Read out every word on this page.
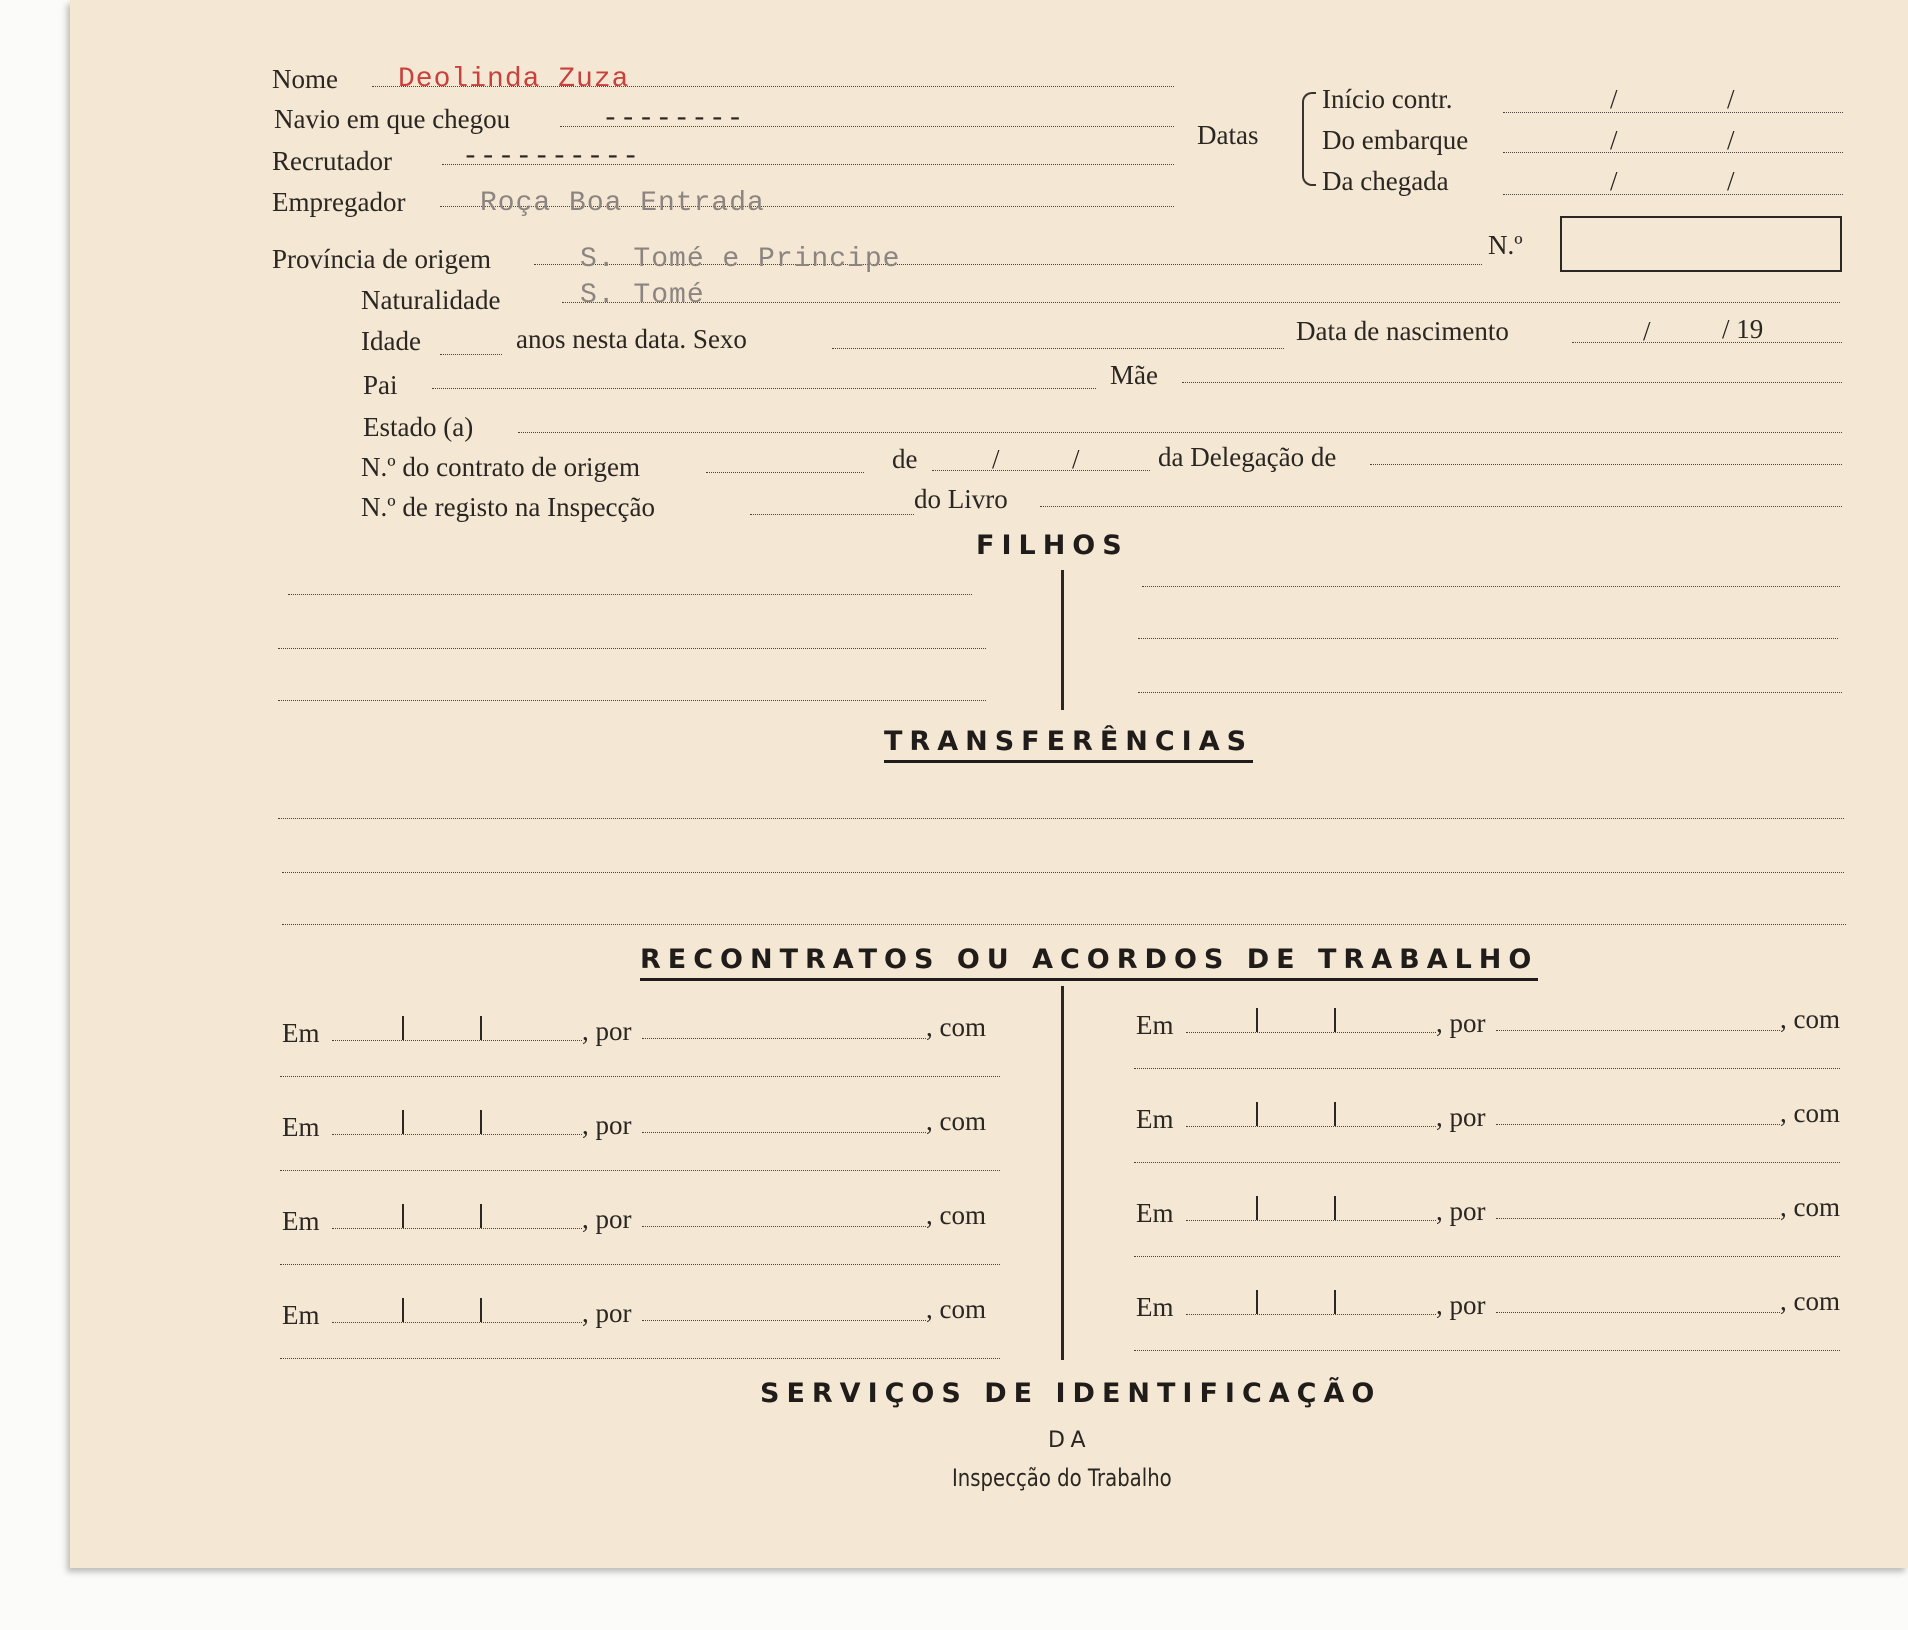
Nome Deolinda Zuza
Navio em que chegou	--------
Recrutador	----------
Empregador	Roça Boa Entrada
Datas
Início contr.	/	/
Do embarque	/	/
Da chegada	/	/
N.º
Província de origem	S. Tomé e Principe
Naturalidade	S. Tomé
Idade	anos nesta data. Sexo	Data de nascimento	/	/ 19
Pai	Mãe
Estado (a)
N.º do contrato de origem	de	/	/	da Delegação de
N.º de registo na Inspecção	do Livro
FILHOS
TRANSFERÊNCIAS
RECONTRATOS OU ACORDOS DE TRABALHO
Em	, por	, com
Em	, por	, com
Em	, por	, com
Em	, por	, com
Em	, por	, com
Em	, por	, com
Em	, por	, com
Em	, por	, com
SERVIÇOS DE IDENTIFICAÇÃO
DA
Inspecção do Trabalho
